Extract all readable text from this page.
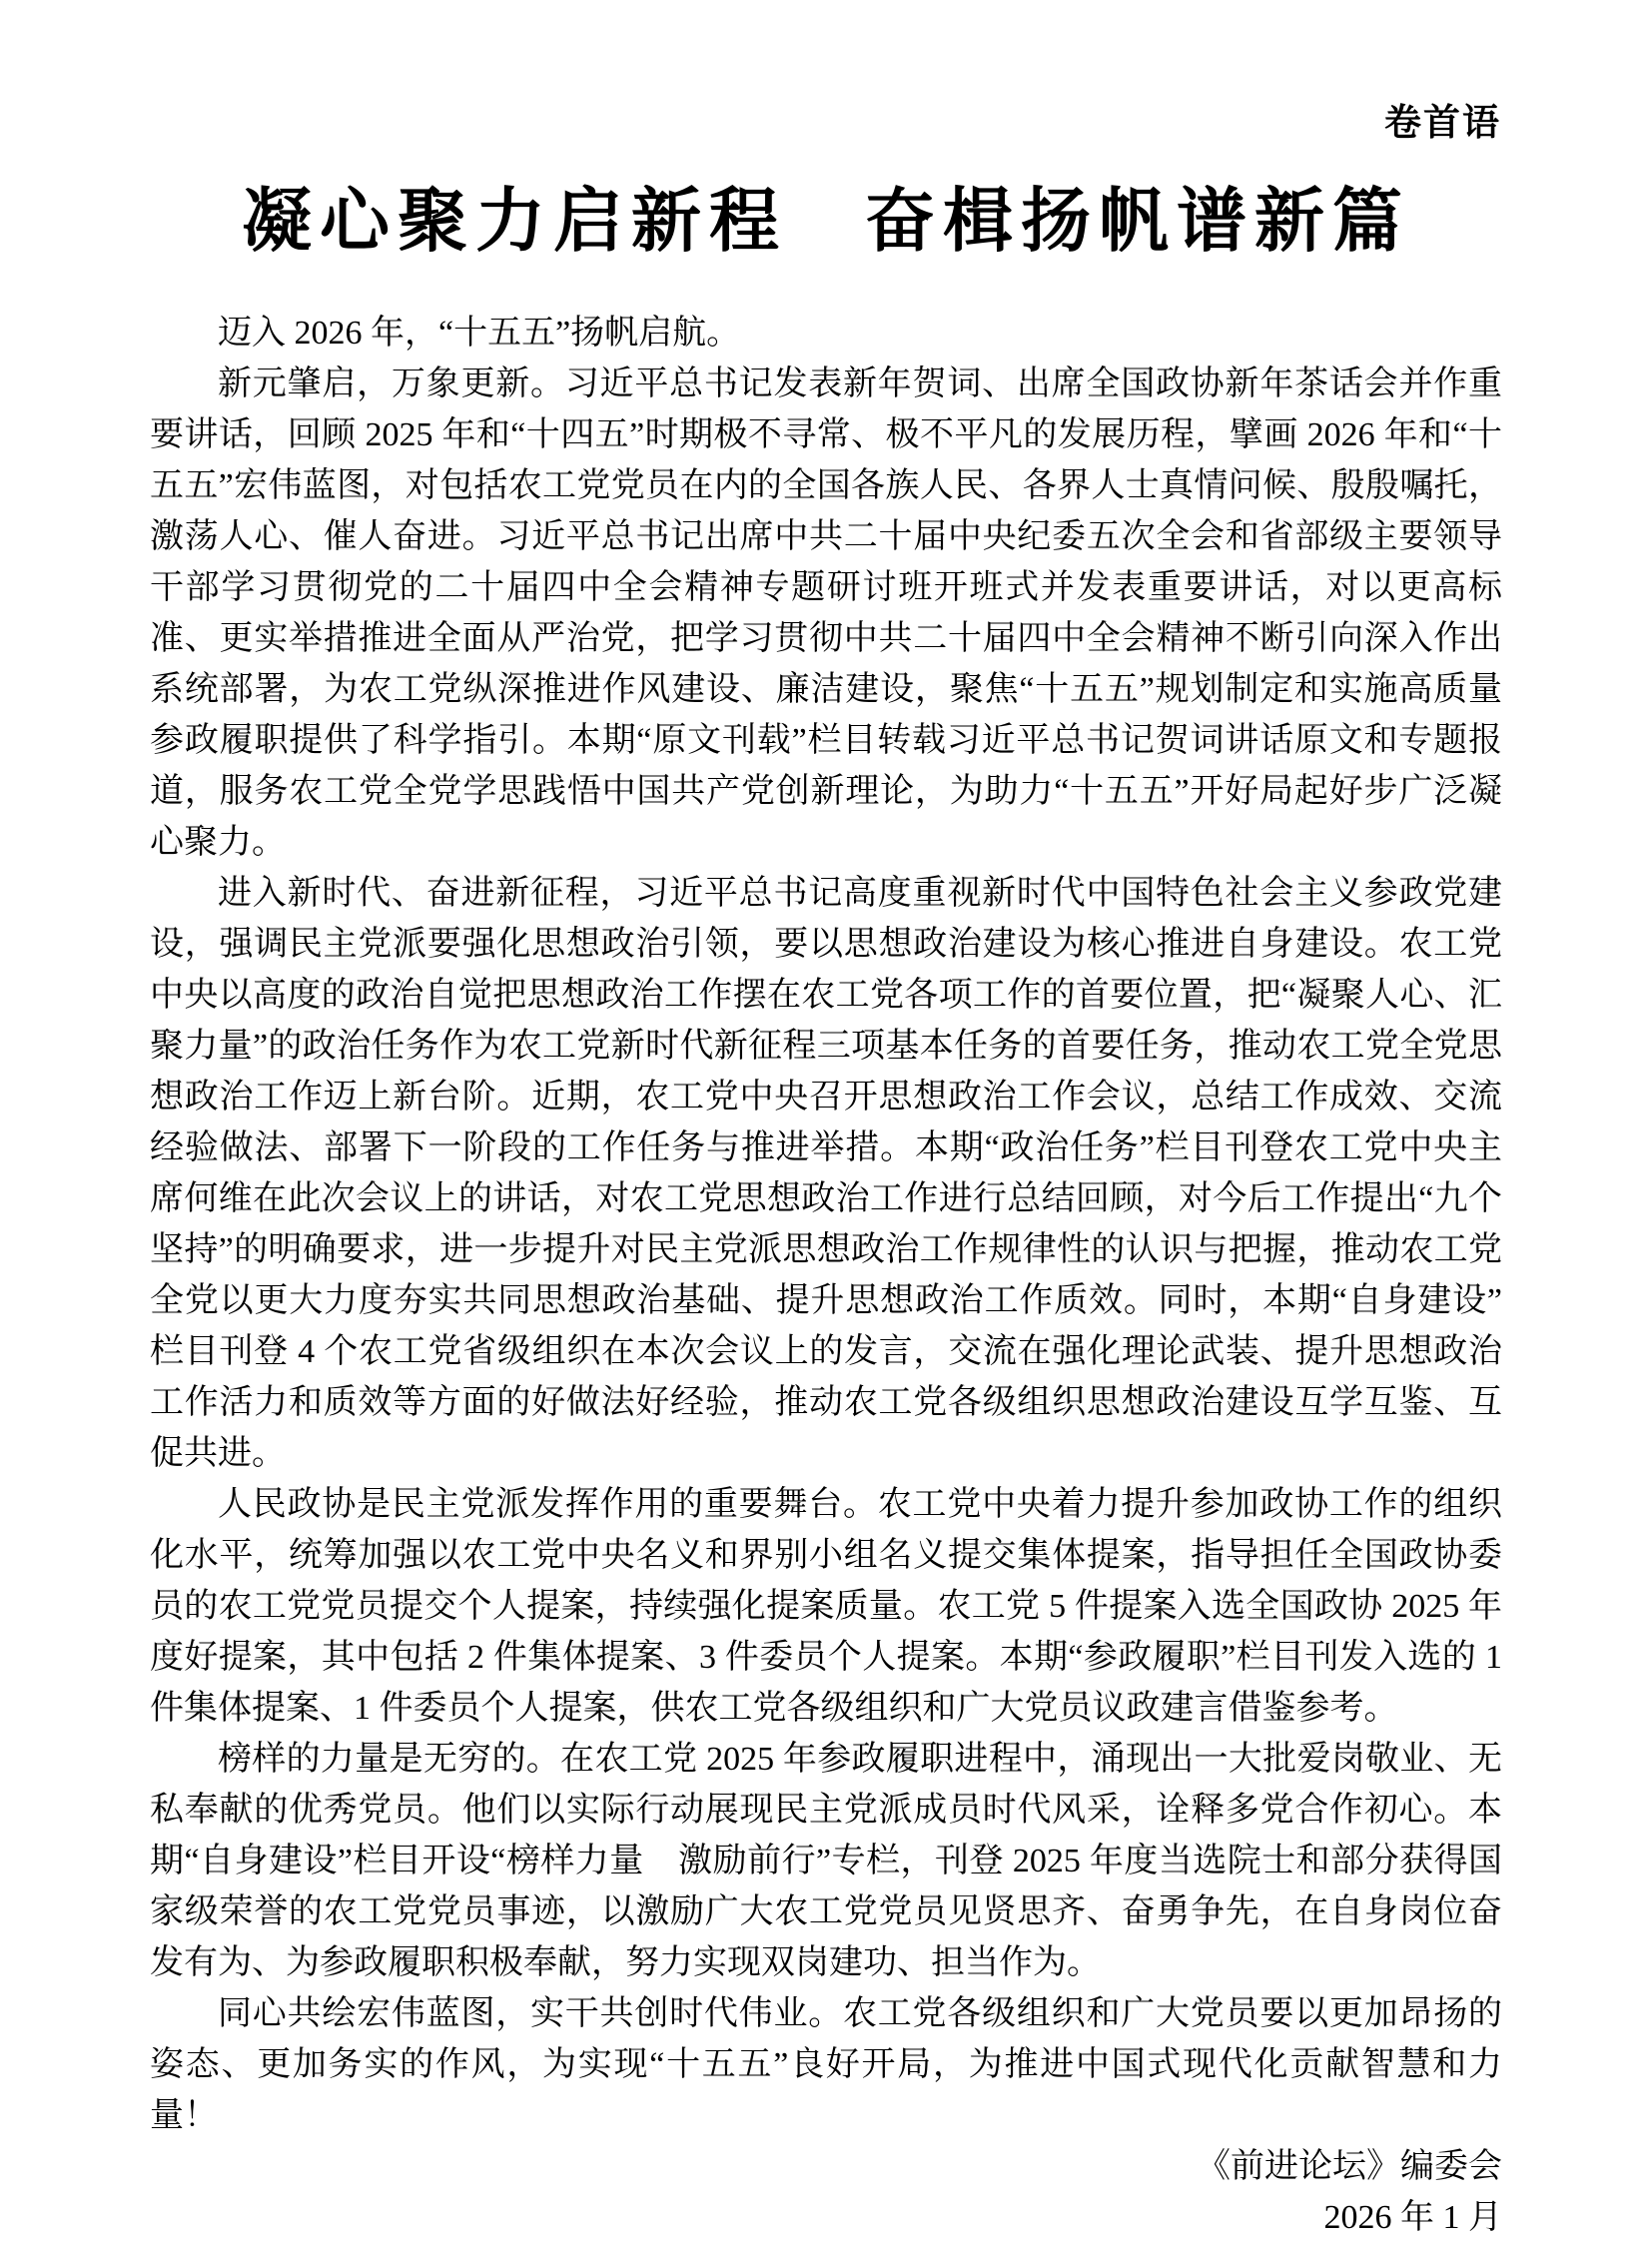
卷首语
凝心聚力启新程　奋楫扬帆谱新篇

迈入 2026 年，“十五五”扬帆启航。

新元肇启，万象更新。习近平总书记发表新年贺词、出席全国政协新年茶话会并作重要讲话，回顾 2025 年和“十四五”时期极不寻常、极不平凡的发展历程，擘画 2026 年和“十五五”宏伟蓝图，对包括农工党党员在内的全国各族人民、各界人士真情问候、殷殷嘱托，激荡人心、催人奋进。习近平总书记出席中共二十届中央纪委五次全会和省部级主要领导干部学习贯彻党的二十届四中全会精神专题研讨班开班式并发表重要讲话，对以更高标准、更实举措推进全面从严治党，把学习贯彻中共二十届四中全会精神不断引向深入作出系统部署，为农工党纵深推进作风建设、廉洁建设，聚焦“十五五”规划制定和实施高质量参政履职提供了科学指引。本期“原文刊载”栏目转载习近平总书记贺词讲话原文和专题报道，服务农工党全党学思践悟中国共产党创新理论，为助力“十五五”开好局起好步广泛凝心聚力。

进入新时代、奋进新征程，习近平总书记高度重视新时代中国特色社会主义参政党建设，强调民主党派要强化思想政治引领，要以思想政治建设为核心推进自身建设。农工党中央以高度的政治自觉把思想政治工作摆在农工党各项工作的首要位置，把“凝聚人心、汇聚力量”的政治任务作为农工党新时代新征程三项基本任务的首要任务，推动农工党全党思想政治工作迈上新台阶。近期，农工党中央召开思想政治工作会议，总结工作成效、交流经验做法、部署下一阶段的工作任务与推进举措。本期“政治任务”栏目刊登农工党中央主席何维在此次会议上的讲话，对农工党思想政治工作进行总结回顾，对今后工作提出“九个坚持”的明确要求，进一步提升对民主党派思想政治工作规律性的认识与把握，推动农工党全党以更大力度夯实共同思想政治基础、提升思想政治工作质效。同时，本期“自身建设”栏目刊登 4 个农工党省级组织在本次会议上的发言，交流在强化理论武装、提升思想政治工作活力和质效等方面的好做法好经验，推动农工党各级组织思想政治建设互学互鉴、互促共进。

人民政协是民主党派发挥作用的重要舞台。农工党中央着力提升参加政协工作的组织化水平，统筹加强以农工党中央名义和界别小组名义提交集体提案，指导担任全国政协委员的农工党党员提交个人提案，持续强化提案质量。农工党 5 件提案入选全国政协 2025 年度好提案，其中包括 2 件集体提案、3 件委员个人提案。本期“参政履职”栏目刊发入选的 1 件集体提案、1 件委员个人提案，供农工党各级组织和广大党员议政建言借鉴参考。

榜样的力量是无穷的。在农工党 2025 年参政履职进程中，涌现出一大批爱岗敬业、无私奉献的优秀党员。他们以实际行动展现民主党派成员时代风采，诠释多党合作初心。本期“自身建设”栏目开设“榜样力量　激励前行”专栏，刊登 2025 年度当选院士和部分获得国家级荣誉的农工党党员事迹，以激励广大农工党党员见贤思齐、奋勇争先，在自身岗位奋发有为、为参政履职积极奉献，努力实现双岗建功、担当作为。

同心共绘宏伟蓝图，实干共创时代伟业。农工党各级组织和广大党员要以更加昂扬的姿态、更加务实的作风，为实现“十五五”良好开局，为推进中国式现代化贡献智慧和力量！

《前进论坛》编委会

2026 年 1 月
